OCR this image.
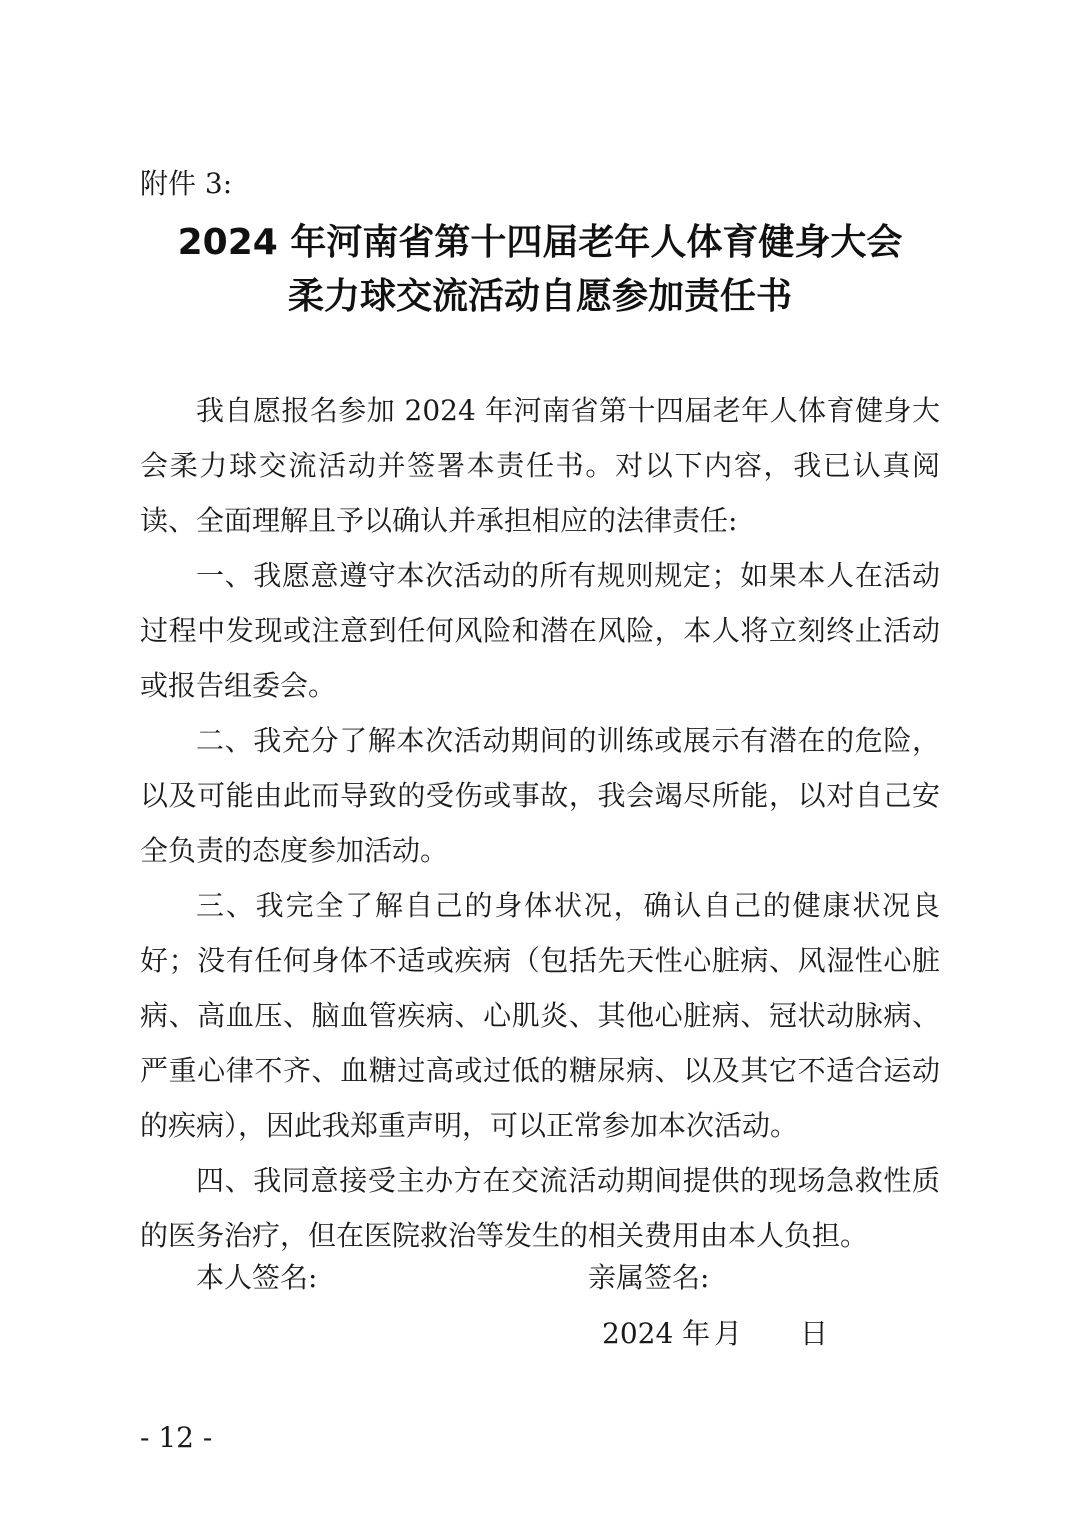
附件 3:
2024 年河南省第十四届老年人体育健身大会
柔力球交流活动自愿参加责任书

我自愿报名参加 2024 年河南省第十四届老年人体育健身大会柔力球交流活动并签署本责任书。对以下内容，我已认真阅读、全面理解且予以确认并承担相应的法律责任:

一、我愿意遵守本次活动的所有规则规定；如果本人在活动过程中发现或注意到任何风险和潜在风险，本人将立刻终止活动或报告组委会。

二、我充分了解本次活动期间的训练或展示有潜在的危险，以及可能由此而导致的受伤或事故，我会竭尽所能，以对自己安全负责的态度参加活动。

三、我完全了解自己的身体状况，确认自己的健康状况良好；没有任何身体不适或疾病（包括先天性心脏病、风湿性心脏病、高血压、脑血管疾病、心肌炎、其他心脏病、冠状动脉病、严重心律不齐、血糖过高或过低的糖尿病、以及其它不适合运动的疾病），因此我郑重声明，可以正常参加本次活动。

四、我同意接受主办方在交流活动期间提供的现场急救性质的医务治疗，但在医院救治等发生的相关费用由本人负担。

本人签名:	亲属签名:
2024 年 月 日
- 12 -
